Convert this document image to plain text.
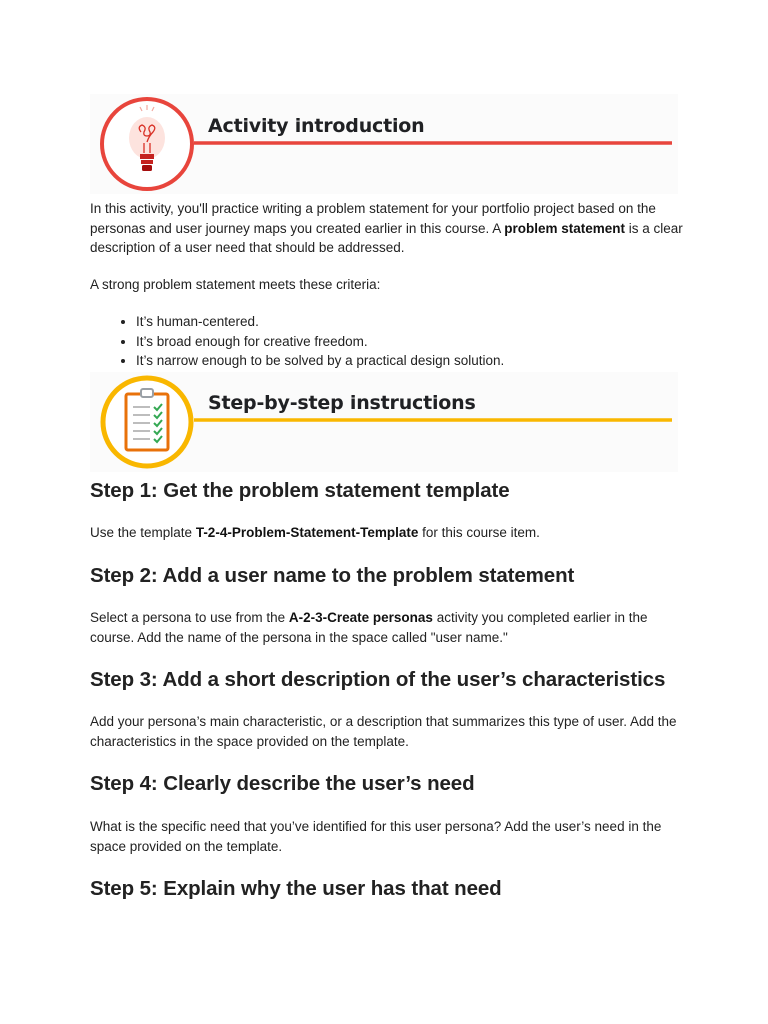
Activity introduction

In this activity, you'll practice writing a problem statement for your portfolio project based on the personas and user journey maps you created earlier in this course. A problem statement is a clear description of a user need that should be addressed.

A strong problem statement meets these criteria:
• It’s human-centered.
• It’s broad enough for creative freedom.
• It’s narrow enough to be solved by a practical design solution.
Step-by-step instructions
Step 1: Get the problem statement template
Use the template T-2-4-Problem-Statement-Template for this course item.
Step 2: Add a user name to the problem statement
Select a persona to use from the A-2-3-Create personas activity you completed earlier in the course. Add the name of the persona in the space called "user name."
Step 3: Add a short description of the user’s characteristics
Add your persona’s main characteristic, or a description that summarizes this type of user. Add the characteristics in the space provided on the template.
Step 4: Clearly describe the user’s need
What is the specific need that you’ve identified for this user persona? Add the user’s need in the space provided on the template.
Step 5: Explain why the user has that need
